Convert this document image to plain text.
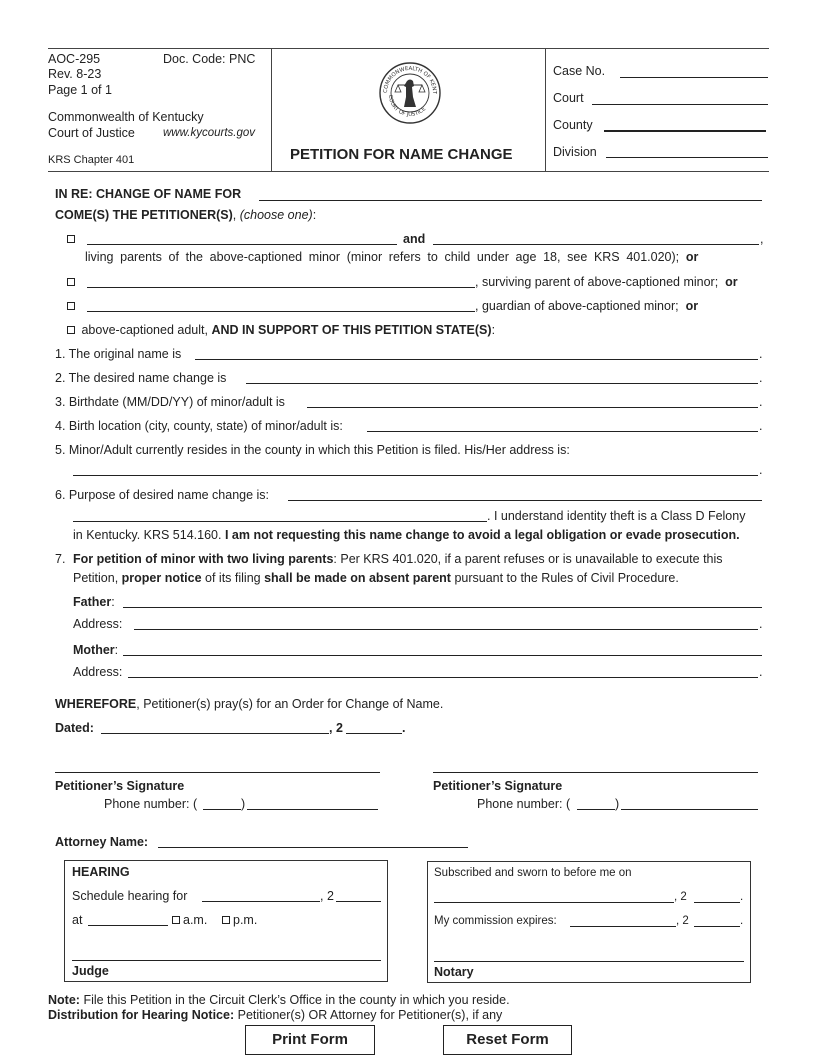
AOC-295	Doc. Code: PNC
Rev. 8-23
Page 1 of 1
Commonwealth of Kentucky
Court of Justice www.kycourts.gov
KRS Chapter 401
COMMONWEALTH OF KENT
COURT OF JUSTICE
PETITION FOR NAME CHANGE
Case No.
Court
County
Division
IN RE: CHANGE OF NAME FOR
COME(S) THE PETITIONER(S), (choose one):
and	,
living parents of the above-captioned minor (minor refers to child under age 18, see KRS 401.020); or
, surviving parent of above-captioned minor; or
, guardian of above-captioned minor; or
above-captioned adult, AND IN SUPPORT OF THIS PETITION STATE(S):
1. The original name is	.
2. The desired name change is	.
3. Birthdate (MM/DD/YY) of minor/adult is	.
4. Birth location (city, county, state) of minor/adult is:	.
5. Minor/Adult currently resides in the county in which this Petition is filed. His/Her address is:
.
6. Purpose of desired name change is:
. I understand identity theft is a Class D Felony
in Kentucky. KRS 514.160. I am not requesting this name change to avoid a legal obligation or evade prosecution.
7. For petition of minor with two living parents: Per KRS 401.020, if a parent refuses or is unavailable to execute this
Petition, proper notice of its filing shall be made on absent parent pursuant to the Rules of Civil Procedure.
Father:
Address:	.
Mother:
Address:	.
WHEREFORE, Petitioner(s) pray(s) for an Order for Change of Name.
Dated:	, 2	.
Petitioner’s Signature
Phone number: (	)
Petitioner’s Signature
Phone number: (	)
Attorney Name:
HEARING
Schedule hearing for	, 2
at	a.m.	p.m.
Judge
Subscribed and sworn to before me on
, 2	.
My commission expires:	, 2	.
Notary
Note: File this Petition in the Circuit Clerk’s Office in the county in which you reside.
Distribution for Hearing Notice: Petitioner(s) OR Attorney for Petitioner(s), if any
Print Form	Reset Form
